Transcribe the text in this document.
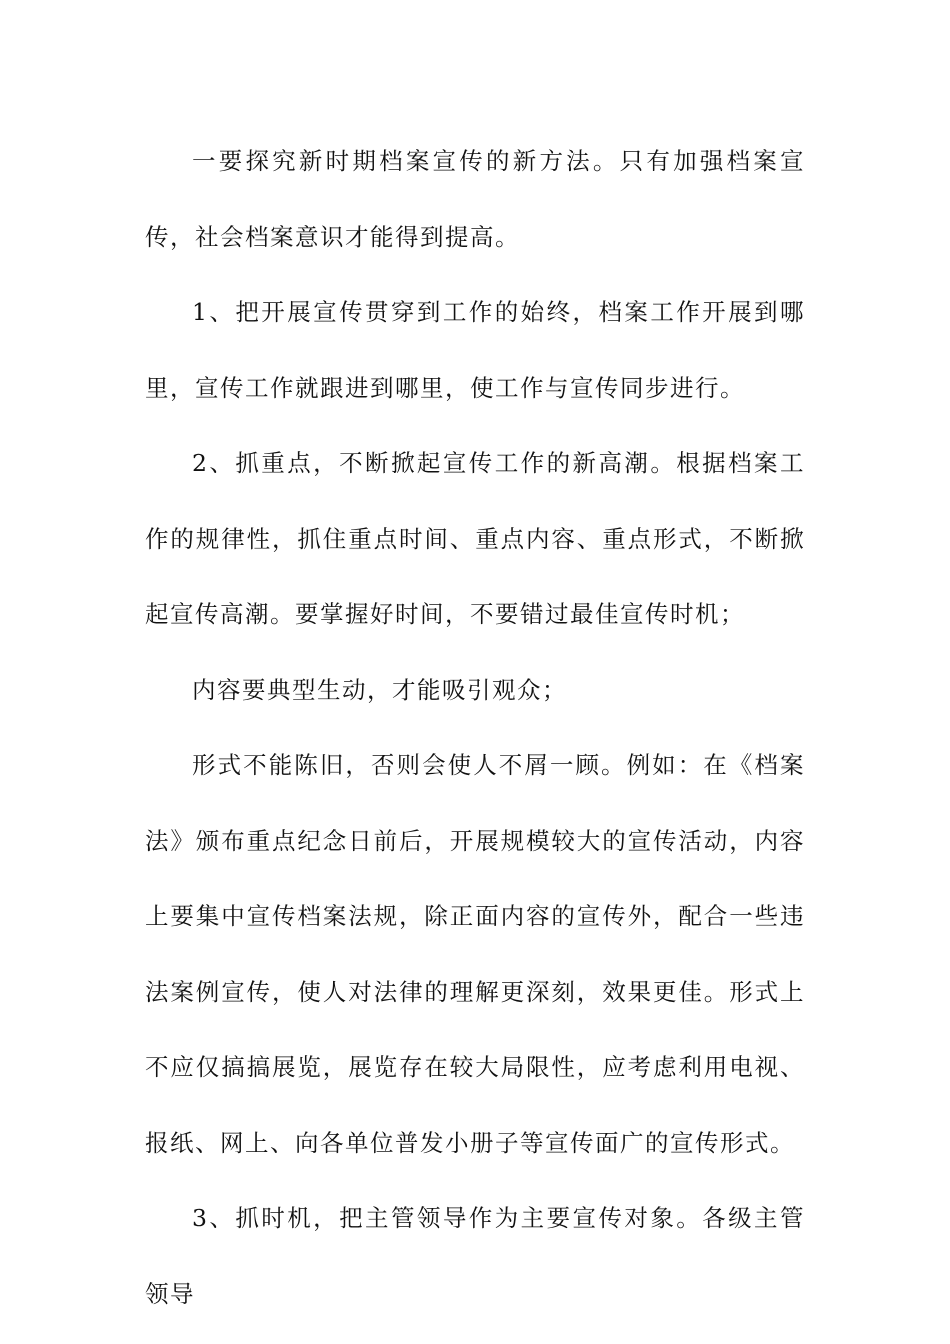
一要探究新时期档案宣传的新方法。只有加强档案宣传，社会档案意识才能得到提高。

1、把开展宣传贯穿到工作的始终，档案工作开展到哪里，宣传工作就跟进到哪里，使工作与宣传同步进行。

2、抓重点，不断掀起宣传工作的新高潮。根据档案工作的规律性，抓住重点时间、重点内容、重点形式，不断掀起宣传高潮。要掌握好时间，不要错过最佳宣传时机；

内容要典型生动，才能吸引观众；

形式不能陈旧，否则会使人不屑一顾。例如：在《档案法》颁布重点纪念日前后，开展规模较大的宣传活动，内容上要集中宣传档案法规，除正面内容的宣传外，配合一些违法案例宣传，使人对法律的理解更深刻，效果更佳。形式上不应仅搞搞展览，展览存在较大局限性，应考虑利用电视、报纸、网上、向各单位普发小册子等宣传面广的宣传形式。

3、抓时机，把主管领导作为主要宣传对象。各级主管领导
